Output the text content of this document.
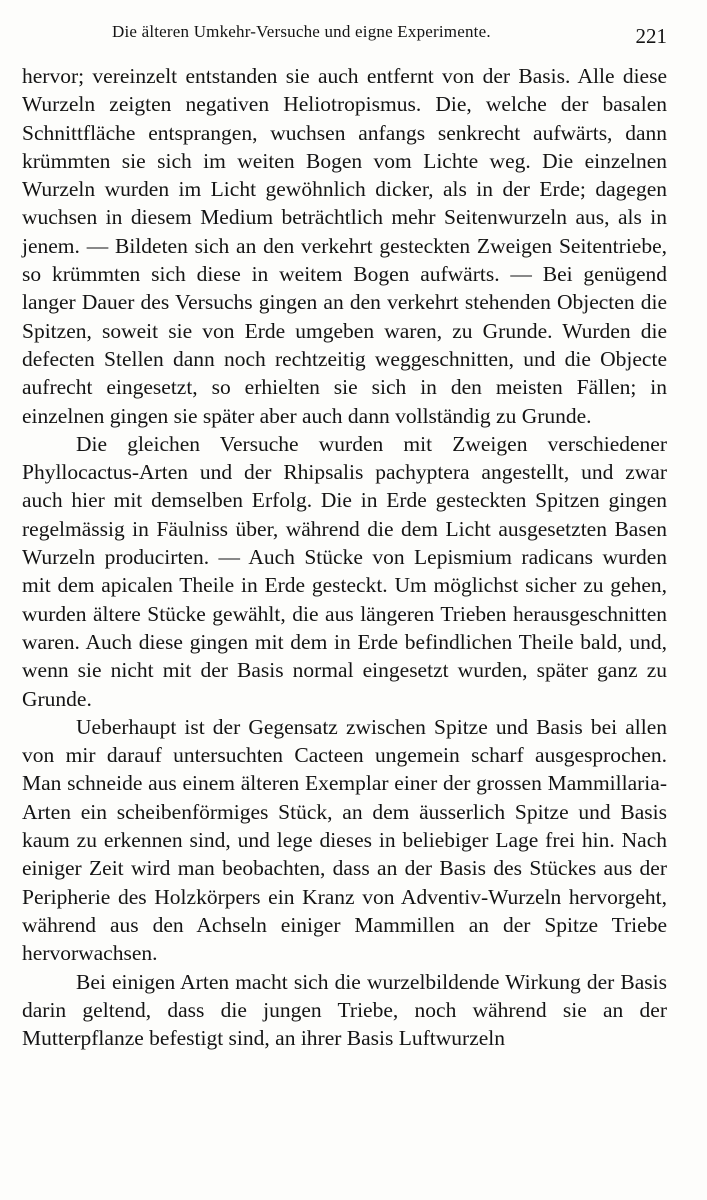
Die älteren Umkehr-Versuche und eigne Experimente.	221

hervor; vereinzelt entstanden sie auch entfernt von der Basis. Alle diese Wurzeln zeigten negativen Heliotropismus. Die, welche der basalen Schnittfläche entsprangen, wuchsen anfangs senkrecht aufwärts, dann krümmten sie sich im weiten Bogen vom Lichte weg. Die einzelnen Wurzeln wurden im Licht gewöhnlich dicker, als in der Erde; dagegen wuchsen in diesem Medium beträchtlich mehr Seitenwurzeln aus, als in jenem. — Bildeten sich an den verkehrt gesteckten Zweigen Seitentriebe, so krümmten sich diese in weitem Bogen aufwärts. — Bei genügend langer Dauer des Versuchs gingen an den verkehrt stehenden Objecten die Spitzen, soweit sie von Erde umgeben waren, zu Grunde. Wurden die defecten Stellen dann noch rechtzeitig weggeschnitten, und die Objecte aufrecht eingesetzt, so erhielten sie sich in den meisten Fällen; in einzelnen gingen sie später aber auch dann vollständig zu Grunde.

Die gleichen Versuche wurden mit Zweigen verschiedener Phyllocactus-Arten und der Rhipsalis pachyptera angestellt, und zwar auch hier mit demselben Erfolg. Die in Erde gesteckten Spitzen gingen regelmässig in Fäulniss über, während die dem Licht ausgesetzten Basen Wurzeln producirten. — Auch Stücke von Lepismium radicans wurden mit dem apicalen Theile in Erde gesteckt. Um möglichst sicher zu gehen, wurden ältere Stücke gewählt, die aus längeren Trieben herausgeschnitten waren. Auch diese gingen mit dem in Erde befindlichen Theile bald, und, wenn sie nicht mit der Basis normal eingesetzt wurden, später ganz zu Grunde.

Ueberhaupt ist der Gegensatz zwischen Spitze und Basis bei allen von mir darauf untersuchten Cacteen ungemein scharf ausgesprochen. Man schneide aus einem älteren Exemplar einer der grossen Mammillaria-Arten ein scheibenförmiges Stück, an dem äusserlich Spitze und Basis kaum zu erkennen sind, und lege dieses in beliebiger Lage frei hin. Nach einiger Zeit wird man beobachten, dass an der Basis des Stückes aus der Peripherie des Holzkörpers ein Kranz von Adventiv-Wurzeln hervorgeht, während aus den Achseln einiger Mammillen an der Spitze Triebe hervorwachsen.

Bei einigen Arten macht sich die wurzelbildende Wirkung der Basis darin geltend, dass die jungen Triebe, noch während sie an der Mutterpflanze befestigt sind, an ihrer Basis Luftwurzeln
